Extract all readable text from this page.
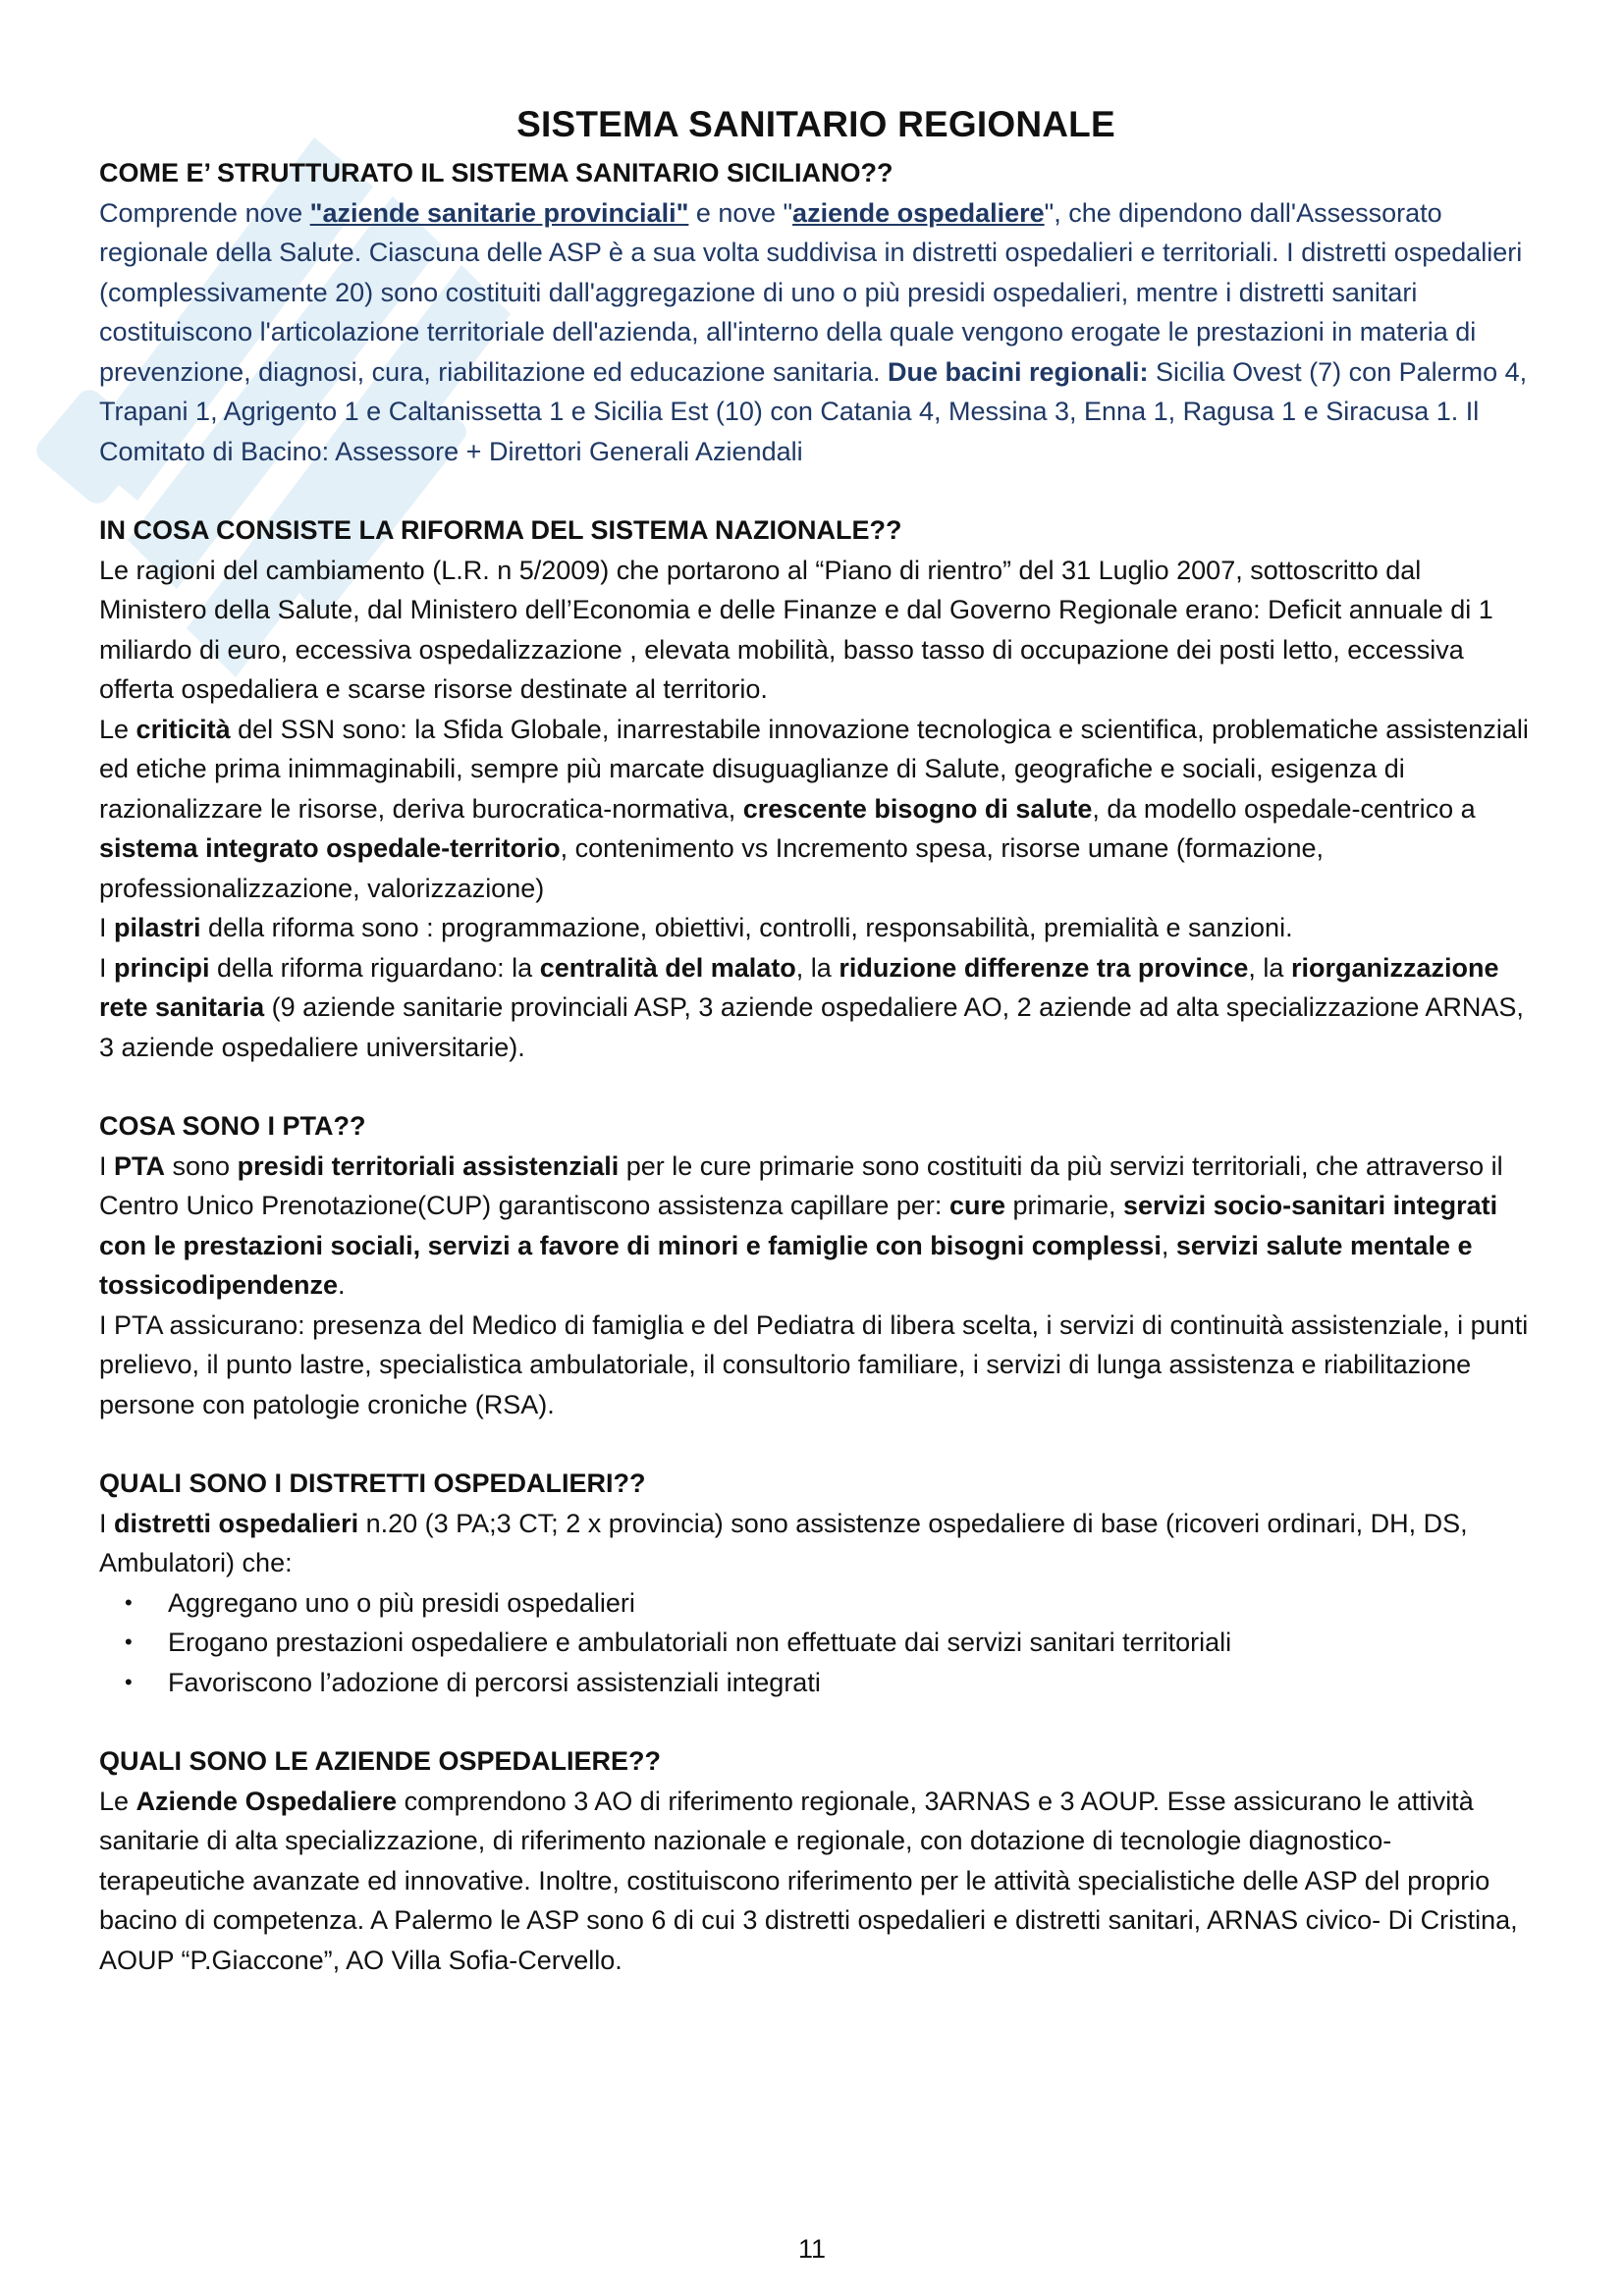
SISTEMA SANITARIO REGIONALE

COME E’ STRUTTURATO IL SISTEMA SANITARIO SICILIANO??

Comprende nove "aziende sanitarie provinciali" e nove "aziende ospedaliere", che dipendono dall'Assessorato regionale della Salute. Ciascuna delle ASP è a sua volta suddivisa in distretti ospedalieri e territoriali. I distretti ospedalieri (complessivamente 20) sono costituiti dall'aggregazione di uno o più presidi ospedalieri, mentre i distretti sanitari costituiscono l'articolazione territoriale dell'azienda, all'interno della quale vengono erogate le prestazioni in materia di prevenzione, diagnosi, cura, riabilitazione ed educazione sanitaria. Due bacini regionali: Sicilia Ovest (7) con Palermo 4, Trapani 1, Agrigento 1 e Caltanissetta 1 e Sicilia Est (10) con Catania 4, Messina 3, Enna 1, Ragusa 1 e Siracusa 1. Il Comitato di Bacino: Assessore + Direttori Generali Aziendali

IN COSA CONSISTE LA RIFORMA DEL SISTEMA NAZIONALE??

Le ragioni del cambiamento (L.R. n 5/2009) che portarono al “Piano di rientro” del 31 Luglio 2007, sottoscritto dal Ministero della Salute, dal Ministero dell’Economia e delle Finanze e dal Governo Regionale erano: Deficit annuale di 1 miliardo di euro, eccessiva ospedalizzazione , elevata mobilità, basso tasso di occupazione dei posti letto, eccessiva offerta ospedaliera e scarse risorse destinate al territorio.

Le criticità del SSN sono: la Sfida Globale, inarrestabile innovazione tecnologica e scientifica, problematiche assistenziali ed etiche prima inimmaginabili, sempre più marcate disuguaglianze di Salute, geografiche e sociali, esigenza di razionalizzare le risorse, deriva burocratica-normativa, crescente bisogno di salute, da modello ospedale-centrico a sistema integrato ospedale-territorio, contenimento vs Incremento spesa, risorse umane (formazione, professionalizzazione, valorizzazione)

I pilastri della riforma sono : programmazione, obiettivi, controlli, responsabilità, premialità e sanzioni.

I principi della riforma riguardano: la centralità del malato, la riduzione differenze tra province, la riorganizzazione rete sanitaria (9 aziende sanitarie provinciali ASP, 3 aziende ospedaliere AO, 2 aziende ad alta specializzazione ARNAS, 3 aziende ospedaliere universitarie).

COSA SONO I PTA??

I PTA sono presidi territoriali assistenziali per le cure primarie sono costituiti da più servizi territoriali, che attraverso il Centro Unico Prenotazione(CUP) garantiscono assistenza capillare per: cure primarie, servizi socio-sanitari integrati con le prestazioni sociali, servizi a favore di minori e famiglie con bisogni complessi, servizi salute mentale e tossicodipendenze.

I PTA assicurano: presenza del Medico di famiglia e del Pediatra di libera scelta, i servizi di continuità assistenziale, i punti prelievo, il punto lastre, specialistica ambulatoriale, il consultorio familiare, i servizi di lunga assistenza e riabilitazione persone con patologie croniche (RSA).

QUALI SONO I DISTRETTI OSPEDALIERI??

I distretti ospedalieri n.20 (3 PA;3 CT; 2 x provincia) sono assistenze ospedaliere di base (ricoveri ordinari, DH, DS, Ambulatori) che:

• Aggregano uno o più presidi ospedalieri
• Erogano prestazioni ospedaliere e ambulatoriali non effettuate dai servizi sanitari territoriali
• Favoriscono l’adozione di percorsi assistenziali integrati

QUALI SONO LE AZIENDE OSPEDALIERE??

Le Aziende Ospedaliere comprendono 3 AO di riferimento regionale, 3ARNAS e 3 AOUP. Esse assicurano le attività sanitarie di alta specializzazione, di riferimento nazionale e regionale, con dotazione di tecnologie diagnostico-terapeutiche avanzate ed innovative. Inoltre, costituiscono riferimento per le attività specialistiche delle ASP del proprio bacino di competenza. A Palermo le ASP sono 6 di cui 3 distretti ospedalieri e distretti sanitari, ARNAS civico- Di Cristina, AOUP “P.Giaccone”, AO Villa Sofia-Cervello.

11
